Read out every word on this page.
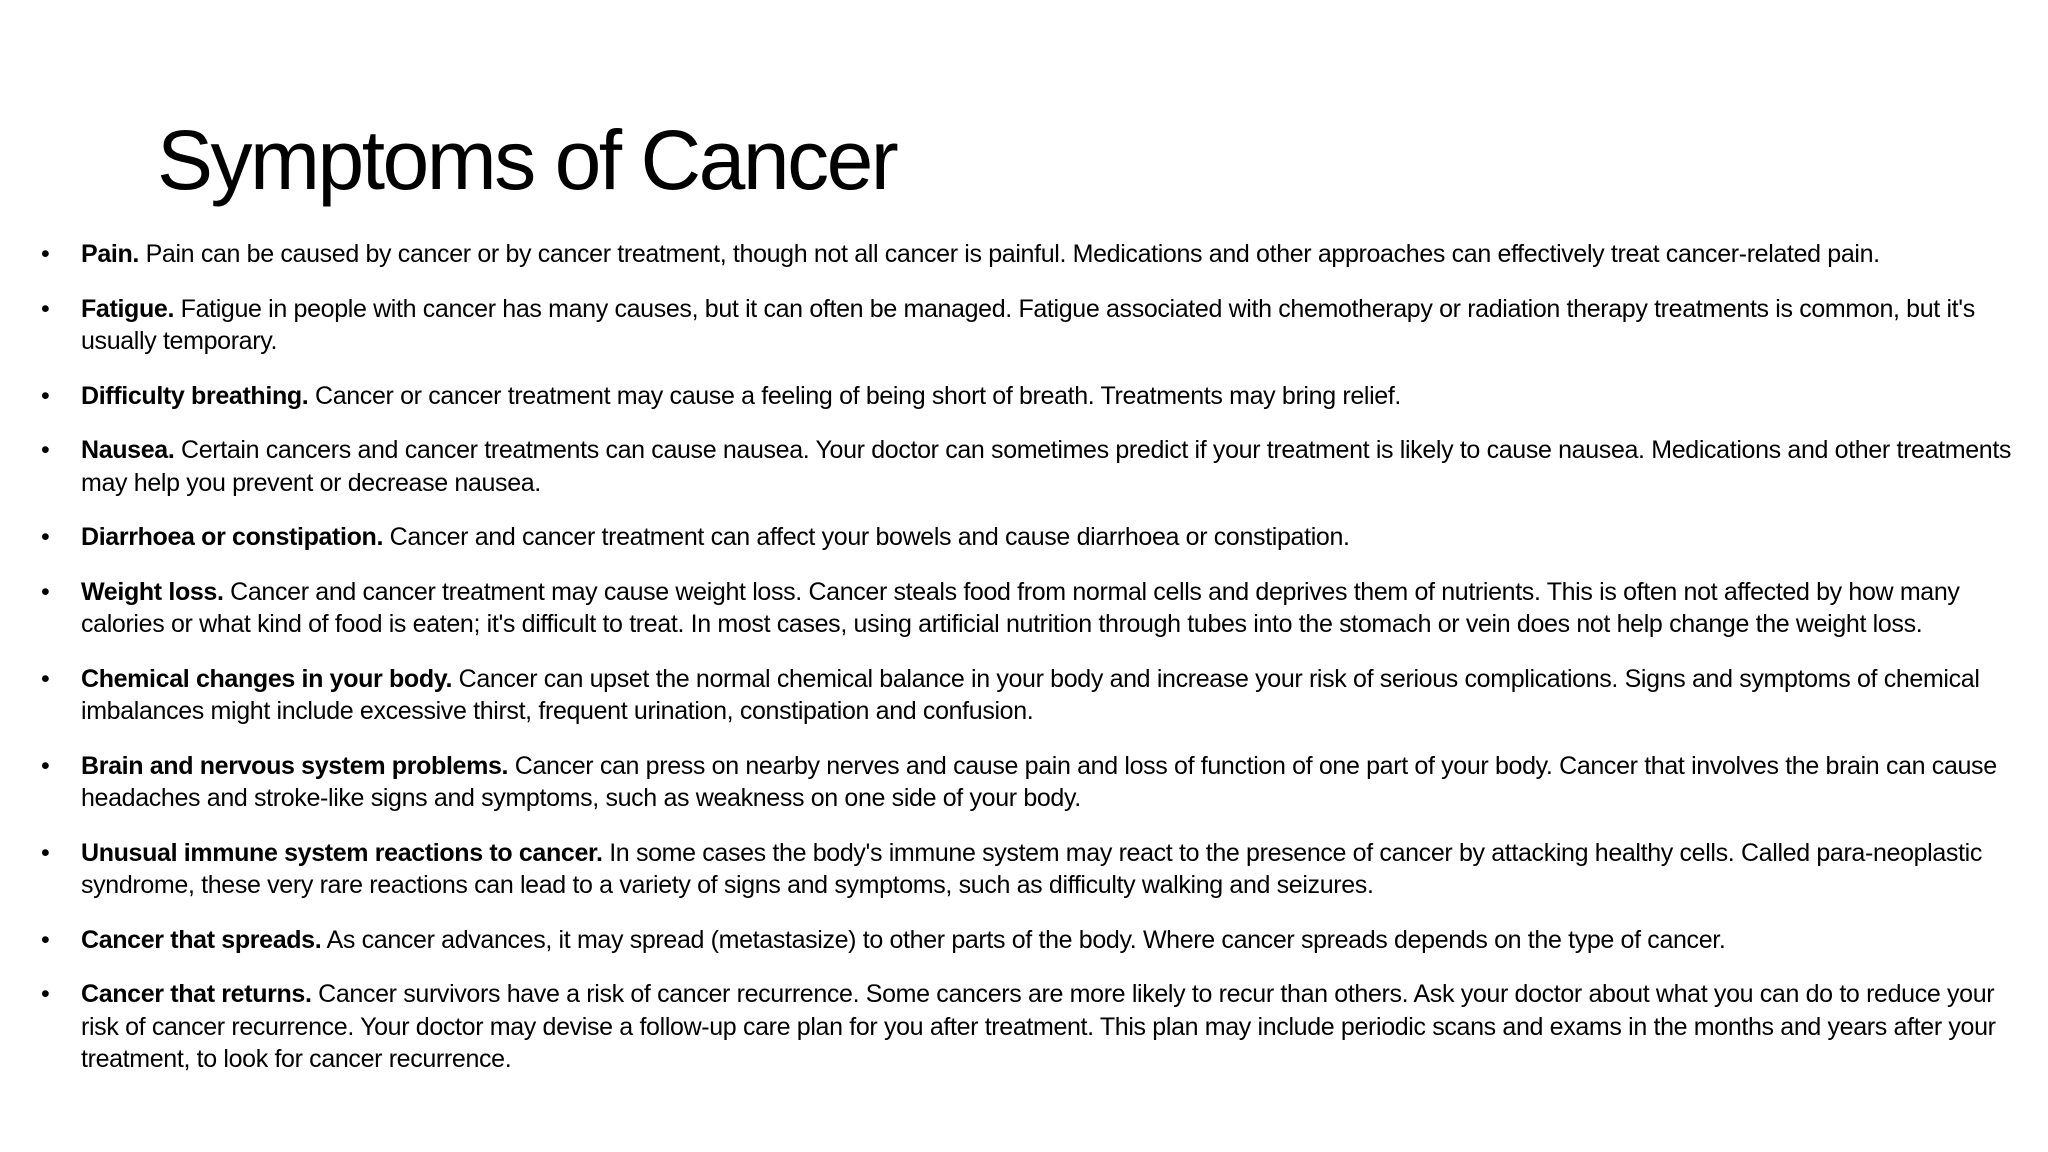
Symptoms of Cancer
• Pain. Pain can be caused by cancer or by cancer treatment, though not all cancer is painful. Medications and other approaches can effectively treat cancer-related pain.
• Fatigue. Fatigue in people with cancer has many causes, but it can often be managed. Fatigue associated with chemotherapy or radiation therapy treatments is common, but it's usually temporary.
• Difficulty breathing. Cancer or cancer treatment may cause a feeling of being short of breath. Treatments may bring relief.
• Nausea. Certain cancers and cancer treatments can cause nausea. Your doctor can sometimes predict if your treatment is likely to cause nausea. Medications and other treatments may help you prevent or decrease nausea.
• Diarrhoea or constipation. Cancer and cancer treatment can affect your bowels and cause diarrhoea or constipation.
• Weight loss. Cancer and cancer treatment may cause weight loss. Cancer steals food from normal cells and deprives them of nutrients. This is often not affected by how many calories or what kind of food is eaten; it's difficult to treat. In most cases, using artificial nutrition through tubes into the stomach or vein does not help change the weight loss.
• Chemical changes in your body. Cancer can upset the normal chemical balance in your body and increase your risk of serious complications. Signs and symptoms of chemical imbalances might include excessive thirst, frequent urination, constipation and confusion.
• Brain and nervous system problems. Cancer can press on nearby nerves and cause pain and loss of function of one part of your body. Cancer that involves the brain can cause headaches and stroke-like signs and symptoms, such as weakness on one side of your body.
• Unusual immune system reactions to cancer. In some cases the body's immune system may react to the presence of cancer by attacking healthy cells. Called para-neoplastic syndrome, these very rare reactions can lead to a variety of signs and symptoms, such as difficulty walking and seizures.
• Cancer that spreads. As cancer advances, it may spread (metastasize) to other parts of the body. Where cancer spreads depends on the type of cancer.
• Cancer that returns. Cancer survivors have a risk of cancer recurrence. Some cancers are more likely to recur than others. Ask your doctor about what you can do to reduce your risk of cancer recurrence. Your doctor may devise a follow-up care plan for you after treatment. This plan may include periodic scans and exams in the months and years after your treatment, to look for cancer recurrence.
